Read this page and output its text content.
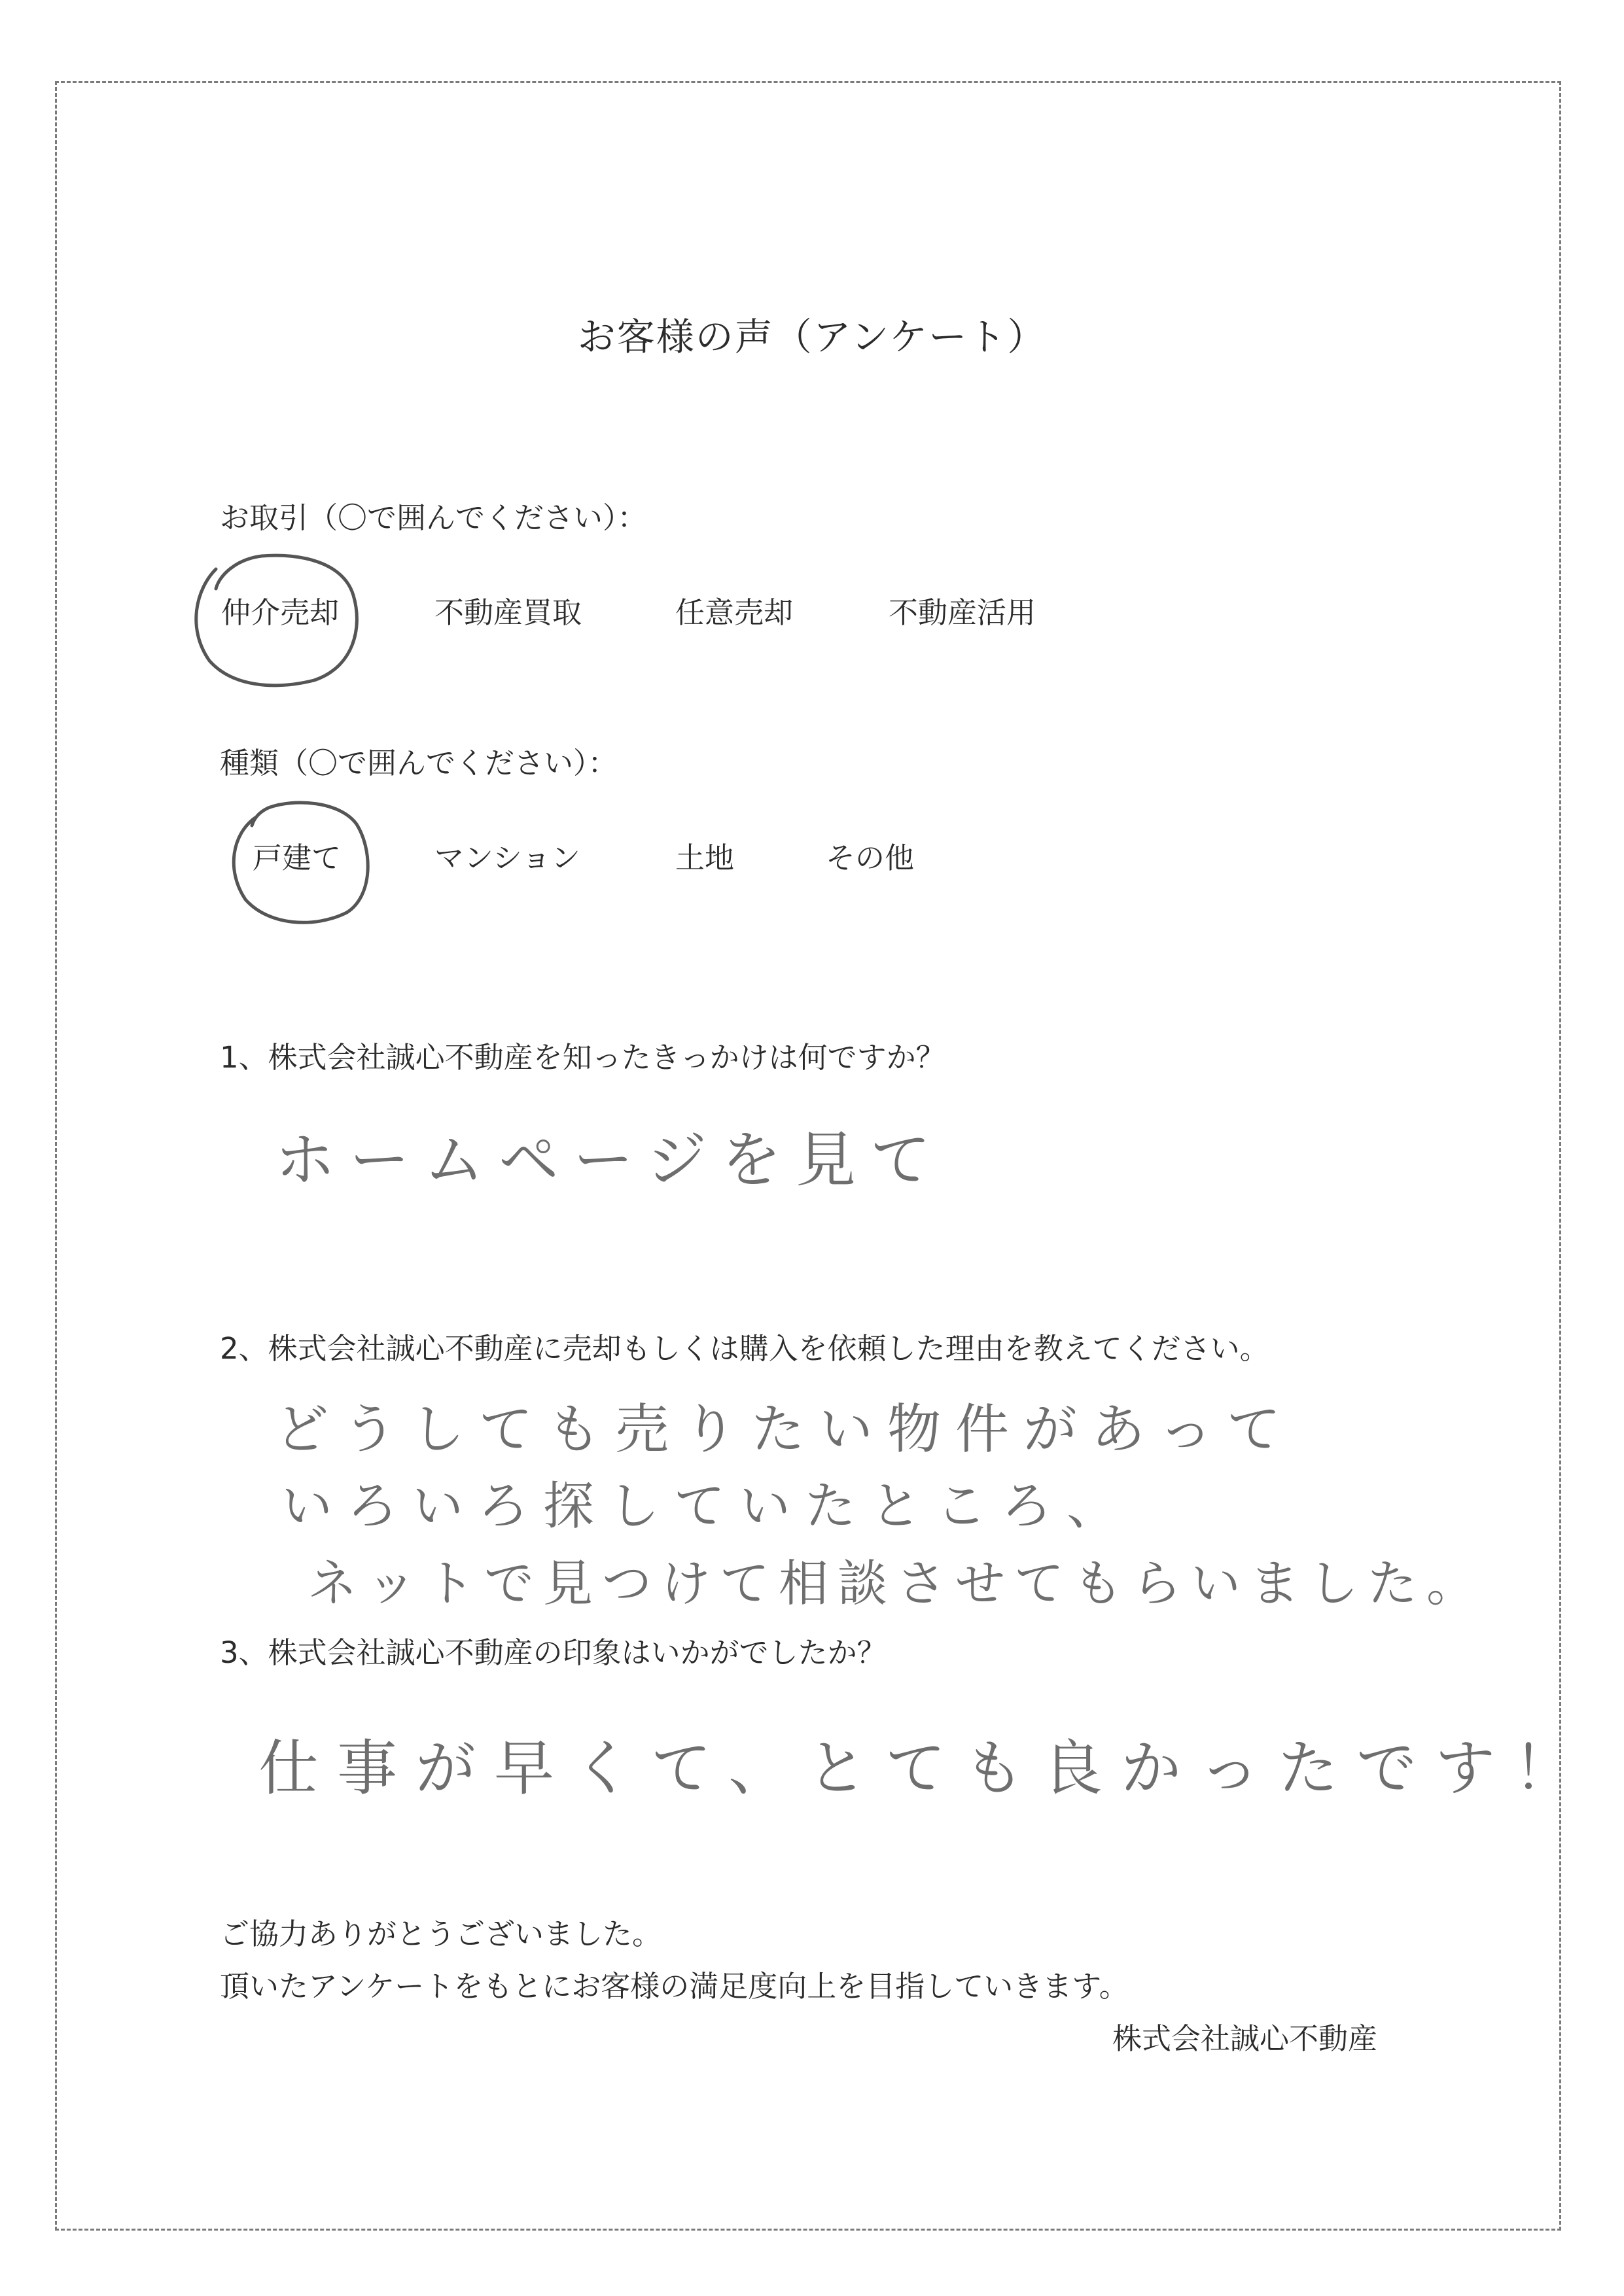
お客様の声（アンケート）
お取引（〇で囲んでください）：
仲介売却	不動産買取	任意売却	不動産活用
種類（〇で囲んでください）：
戸建て	マンション	土地	その他
1、株式会社誠心不動産を知ったきっかけは何ですか？
ホームページを見て
2、株式会社誠心不動産に売却もしくは購入を依頼した理由を教えてください。
どうしても売りたい物件があって
いろいろ探していたところ、
ネットで見つけて相談させてもらいました。
3、株式会社誠心不動産の印象はいかがでしたか？
仕事が早くて、とても良かったです！
ご協力ありがとうございました。
頂いたアンケートをもとにお客様の満足度向上を目指していきます。
株式会社誠心不動産
